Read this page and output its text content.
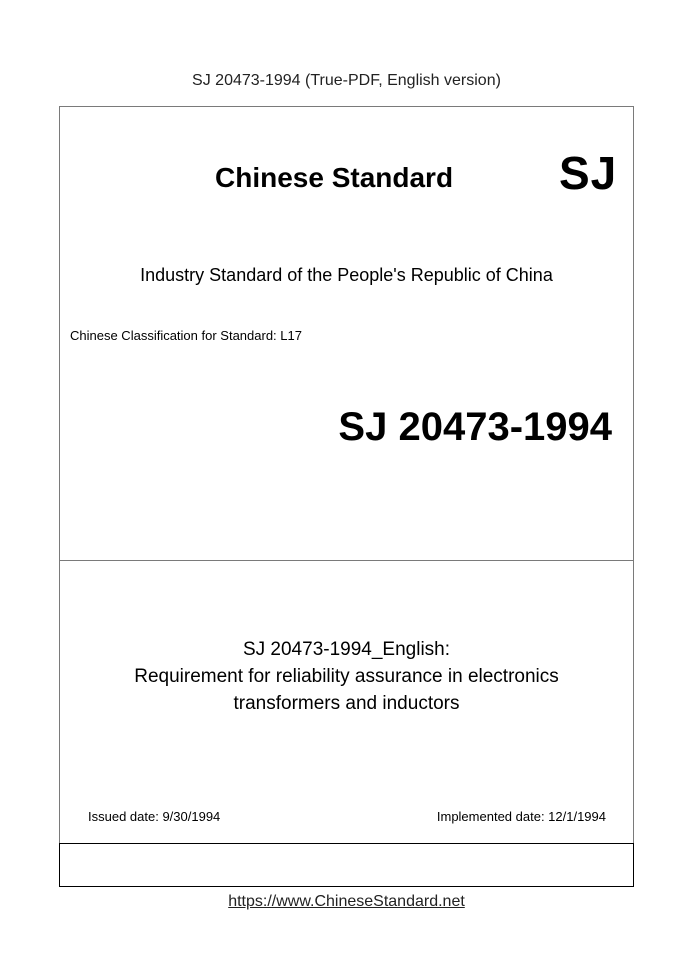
SJ 20473-1994 (True-PDF, English version)
Chinese Standard SJ
Industry Standard of the People's Republic of China
Chinese Classification for Standard: L17
SJ 20473-1994
SJ 20473-1994_English:
Requirement for reliability assurance in electronics
transformers and inductors
Issued date: 9/30/1994	Implemented date: 12/1/1994
https://www.ChineseStandard.net
